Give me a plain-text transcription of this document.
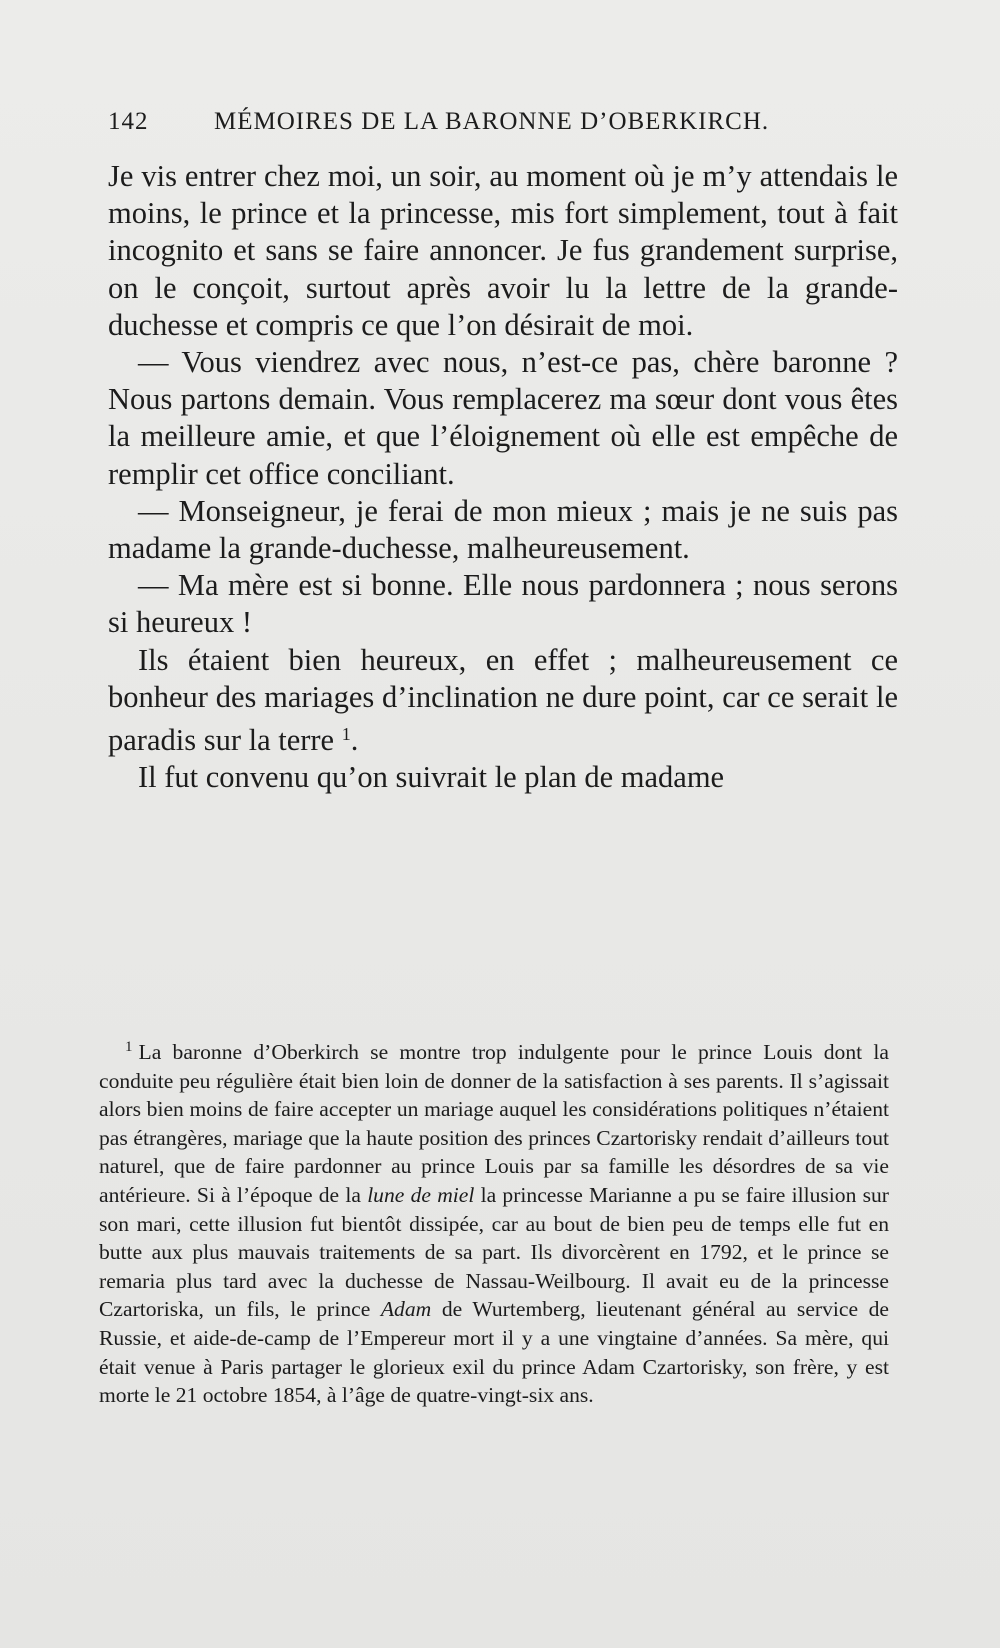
142	MÉMOIRES DE LA BARONNE D’OBERKIRCH.

Je vis entrer chez moi, un soir, au moment où je m’y attendais le moins, le prince et la princesse, mis fort simplement, tout à fait incognito et sans se faire annoncer. Je fus grandement surprise, on le conçoit, surtout après avoir lu la lettre de la grande-duchesse et compris ce que l’on désirait de moi.

— Vous viendrez avec nous, n’est-ce pas, chère baronne ? Nous partons demain. Vous remplacerez ma sœur dont vous êtes la meilleure amie, et que l’éloignement où elle est empêche de remplir cet office conciliant.

— Monseigneur, je ferai de mon mieux ; mais je ne suis pas madame la grande-duchesse, malheureusement.

— Ma mère est si bonne. Elle nous pardonnera ; nous serons si heureux !

Ils étaient bien heureux, en effet ; malheureusement ce bonheur des mariages d’inclination ne dure point, car ce serait le paradis sur la terre $^1$.

Il fut convenu qu’on suivrait le plan de madame

$^1$ La baronne d’Oberkirch se montre trop indulgente pour le prince Louis dont la conduite peu régulière était bien loin de donner de la satisfaction à ses parents. Il s’agissait alors bien moins de faire accepter un mariage auquel les considérations politiques n’étaient pas étrangères, mariage que la haute position des princes Czartorisky rendait d’ailleurs tout naturel, que de faire pardonner au prince Louis par sa famille les désordres de sa vie antérieure. Si à l’époque de la lune de miel la princesse Marianne a pu se faire illusion sur son mari, cette illusion fut bientôt dissipée, car au bout de bien peu de temps elle fut en butte aux plus mauvais traitements de sa part. Ils divorcèrent en 1792, et le prince se remaria plus tard avec la duchesse de Nassau-Weilbourg. Il avait eu de la princesse Czartoriska, un fils, le prince Adam de Wurtemberg, lieutenant général au service de Russie, et aide-de-camp de l’Empereur mort il y a une vingtaine d’années. Sa mère, qui était venue à Paris partager le glorieux exil du prince Adam Czartorisky, son frère, y est morte le 21 octobre 1854, à l’âge de quatre-vingt-six ans.
